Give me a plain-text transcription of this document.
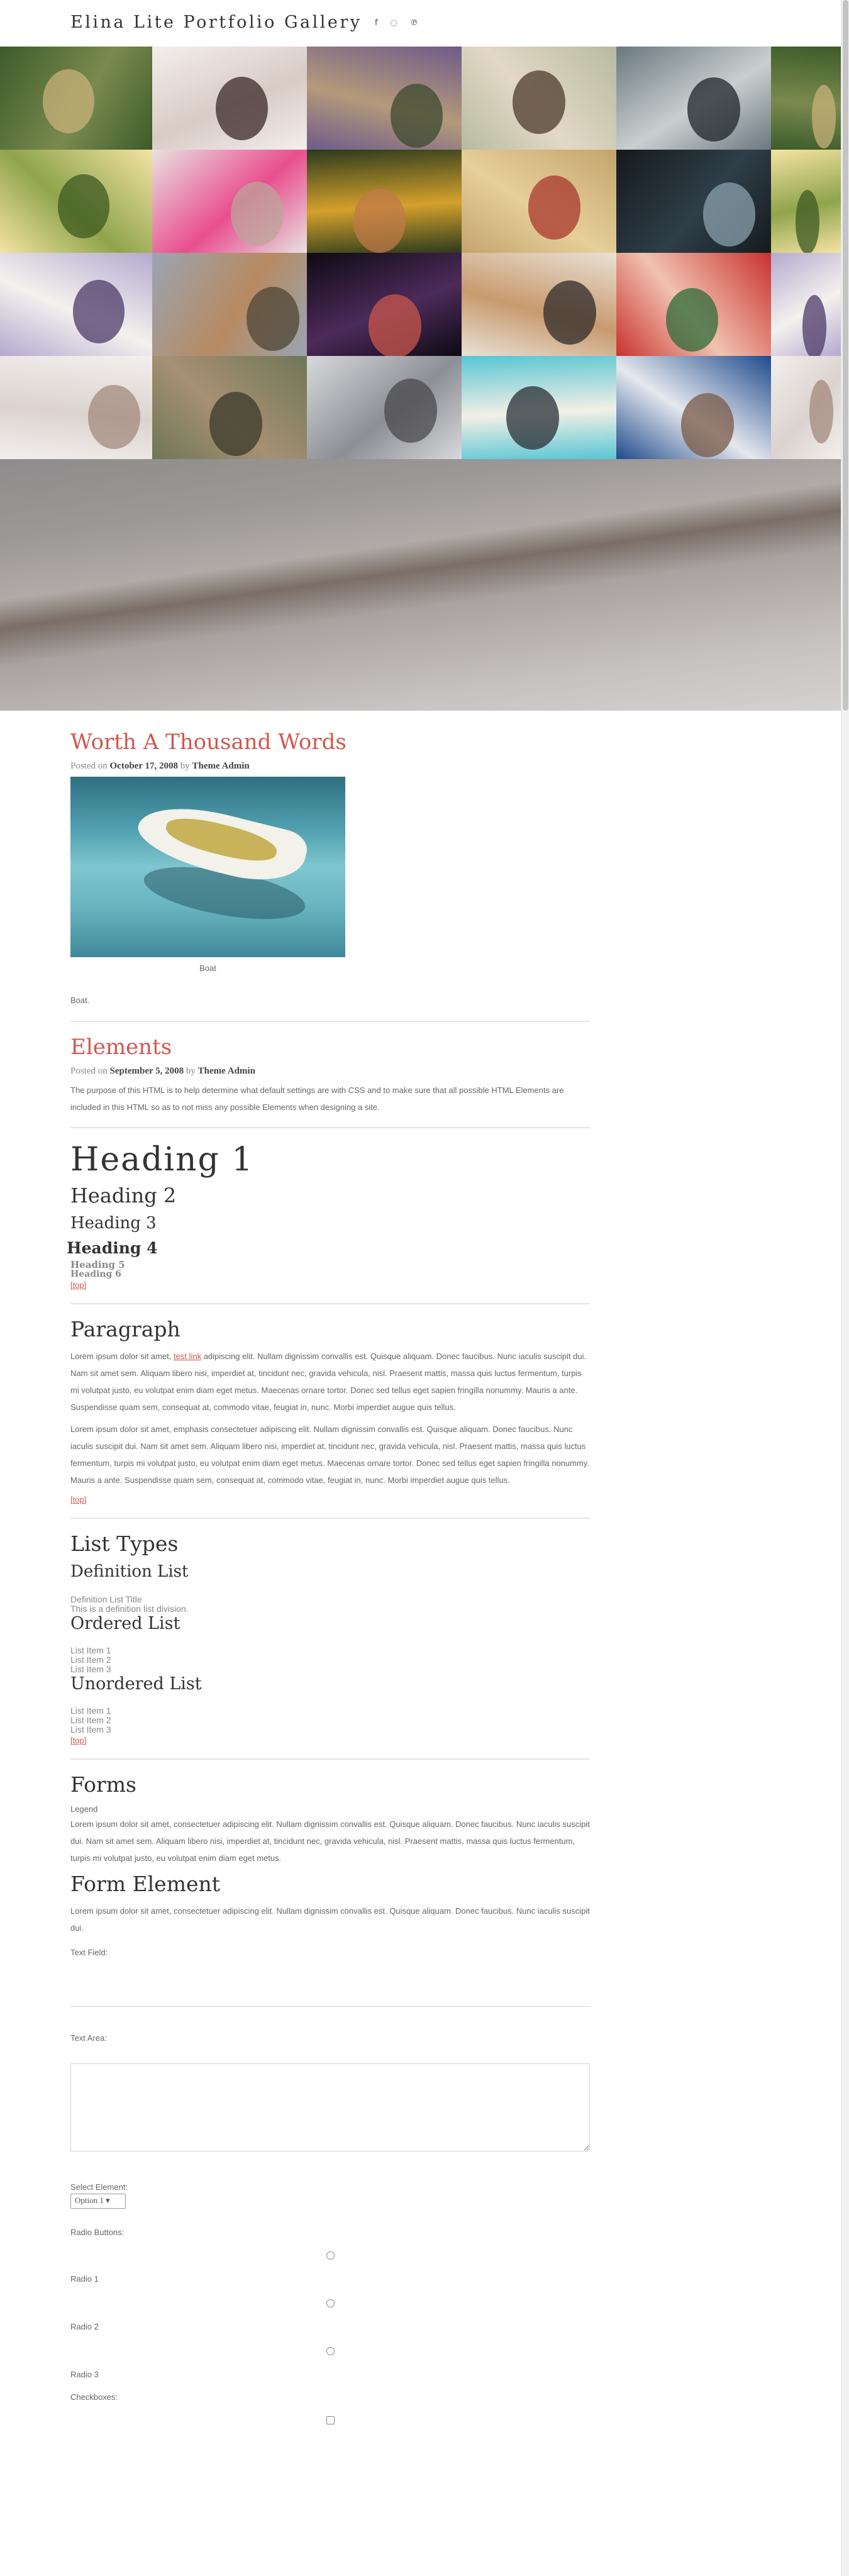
Elina Lite Portfolio Gallery f ◌ ℗
Worth A Thousand Words
Posted on October 17, 2008 by Theme Admin
Boat
Boat.
Elements
Posted on September 5, 2008 by Theme Admin

The purpose of this HTML is to help determine what default settings are with CSS and to make sure that all possible HTML Elements are included in this HTML so as to not miss any possible Elements when designing a site.

Heading 1
Heading 2
Heading 3
Heading 4
Heading 5
Heading 6
[top]
Paragraph

Lorem ipsum dolor sit amet, test link adipiscing elit. Nullam dignissim convallis est. Quisque aliquam. Donec faucibus. Nunc iaculis suscipit dui. Nam sit amet sem. Aliquam libero nisi, imperdiet at, tincidunt nec, gravida vehicula, nisl. Praesent mattis, massa quis luctus fermentum, turpis mi volutpat justo, eu volutpat enim diam eget metus. Maecenas ornare tortor. Donec sed tellus eget sapien fringilla nonummy. Mauris a ante. Suspendisse quam sem, consequat at, commodo vitae, feugiat in, nunc. Morbi imperdiet augue quis tellus.

Lorem ipsum dolor sit amet, emphasis consectetuer adipiscing elit. Nullam dignissim convallis est. Quisque aliquam. Donec faucibus. Nunc iaculis suscipit dui. Nam sit amet sem. Aliquam libero nisi, imperdiet at, tincidunt nec, gravida vehicula, nisl. Praesent mattis, massa quis luctus fermentum, turpis mi volutpat justo, eu volutpat enim diam eget metus. Maecenas ornare tortor. Donec sed tellus eget sapien fringilla nonummy. Mauris a ante. Suspendisse quam sem, consequat at, commodo vitae, feugiat in, nunc. Morbi imperdiet augue quis tellus.

[top]
List Types
Definition List
Definition List Title
This is a definition list division.
Ordered List
List Item 1
List Item 2
List Item 3
Unordered List
List Item 1
List Item 2
List Item 3
[top]
Forms
Legend

Lorem ipsum dolor sit amet, consectetuer adipiscing elit. Nullam dignissim convallis est. Quisque aliquam. Donec faucibus. Nunc iaculis suscipit dui. Nam sit amet sem. Aliquam libero nisi, imperdiet at, tincidunt nec, gravida vehicula, nisl. Praesent mattis, massa quis luctus fermentum, turpis mi volutpat justo, eu volutpat enim diam eget metus.

Form Element

Lorem ipsum dolor sit amet, consectetuer adipiscing elit. Nullam dignissim convallis est. Quisque aliquam. Donec faucibus. Nunc iaculis suscipit dui.

Text Field:
Text Area:
Select Element:
Option 1 ▾
Radio Buttons:
Radio 1
Radio 2
Radio 3
Checkboxes:
